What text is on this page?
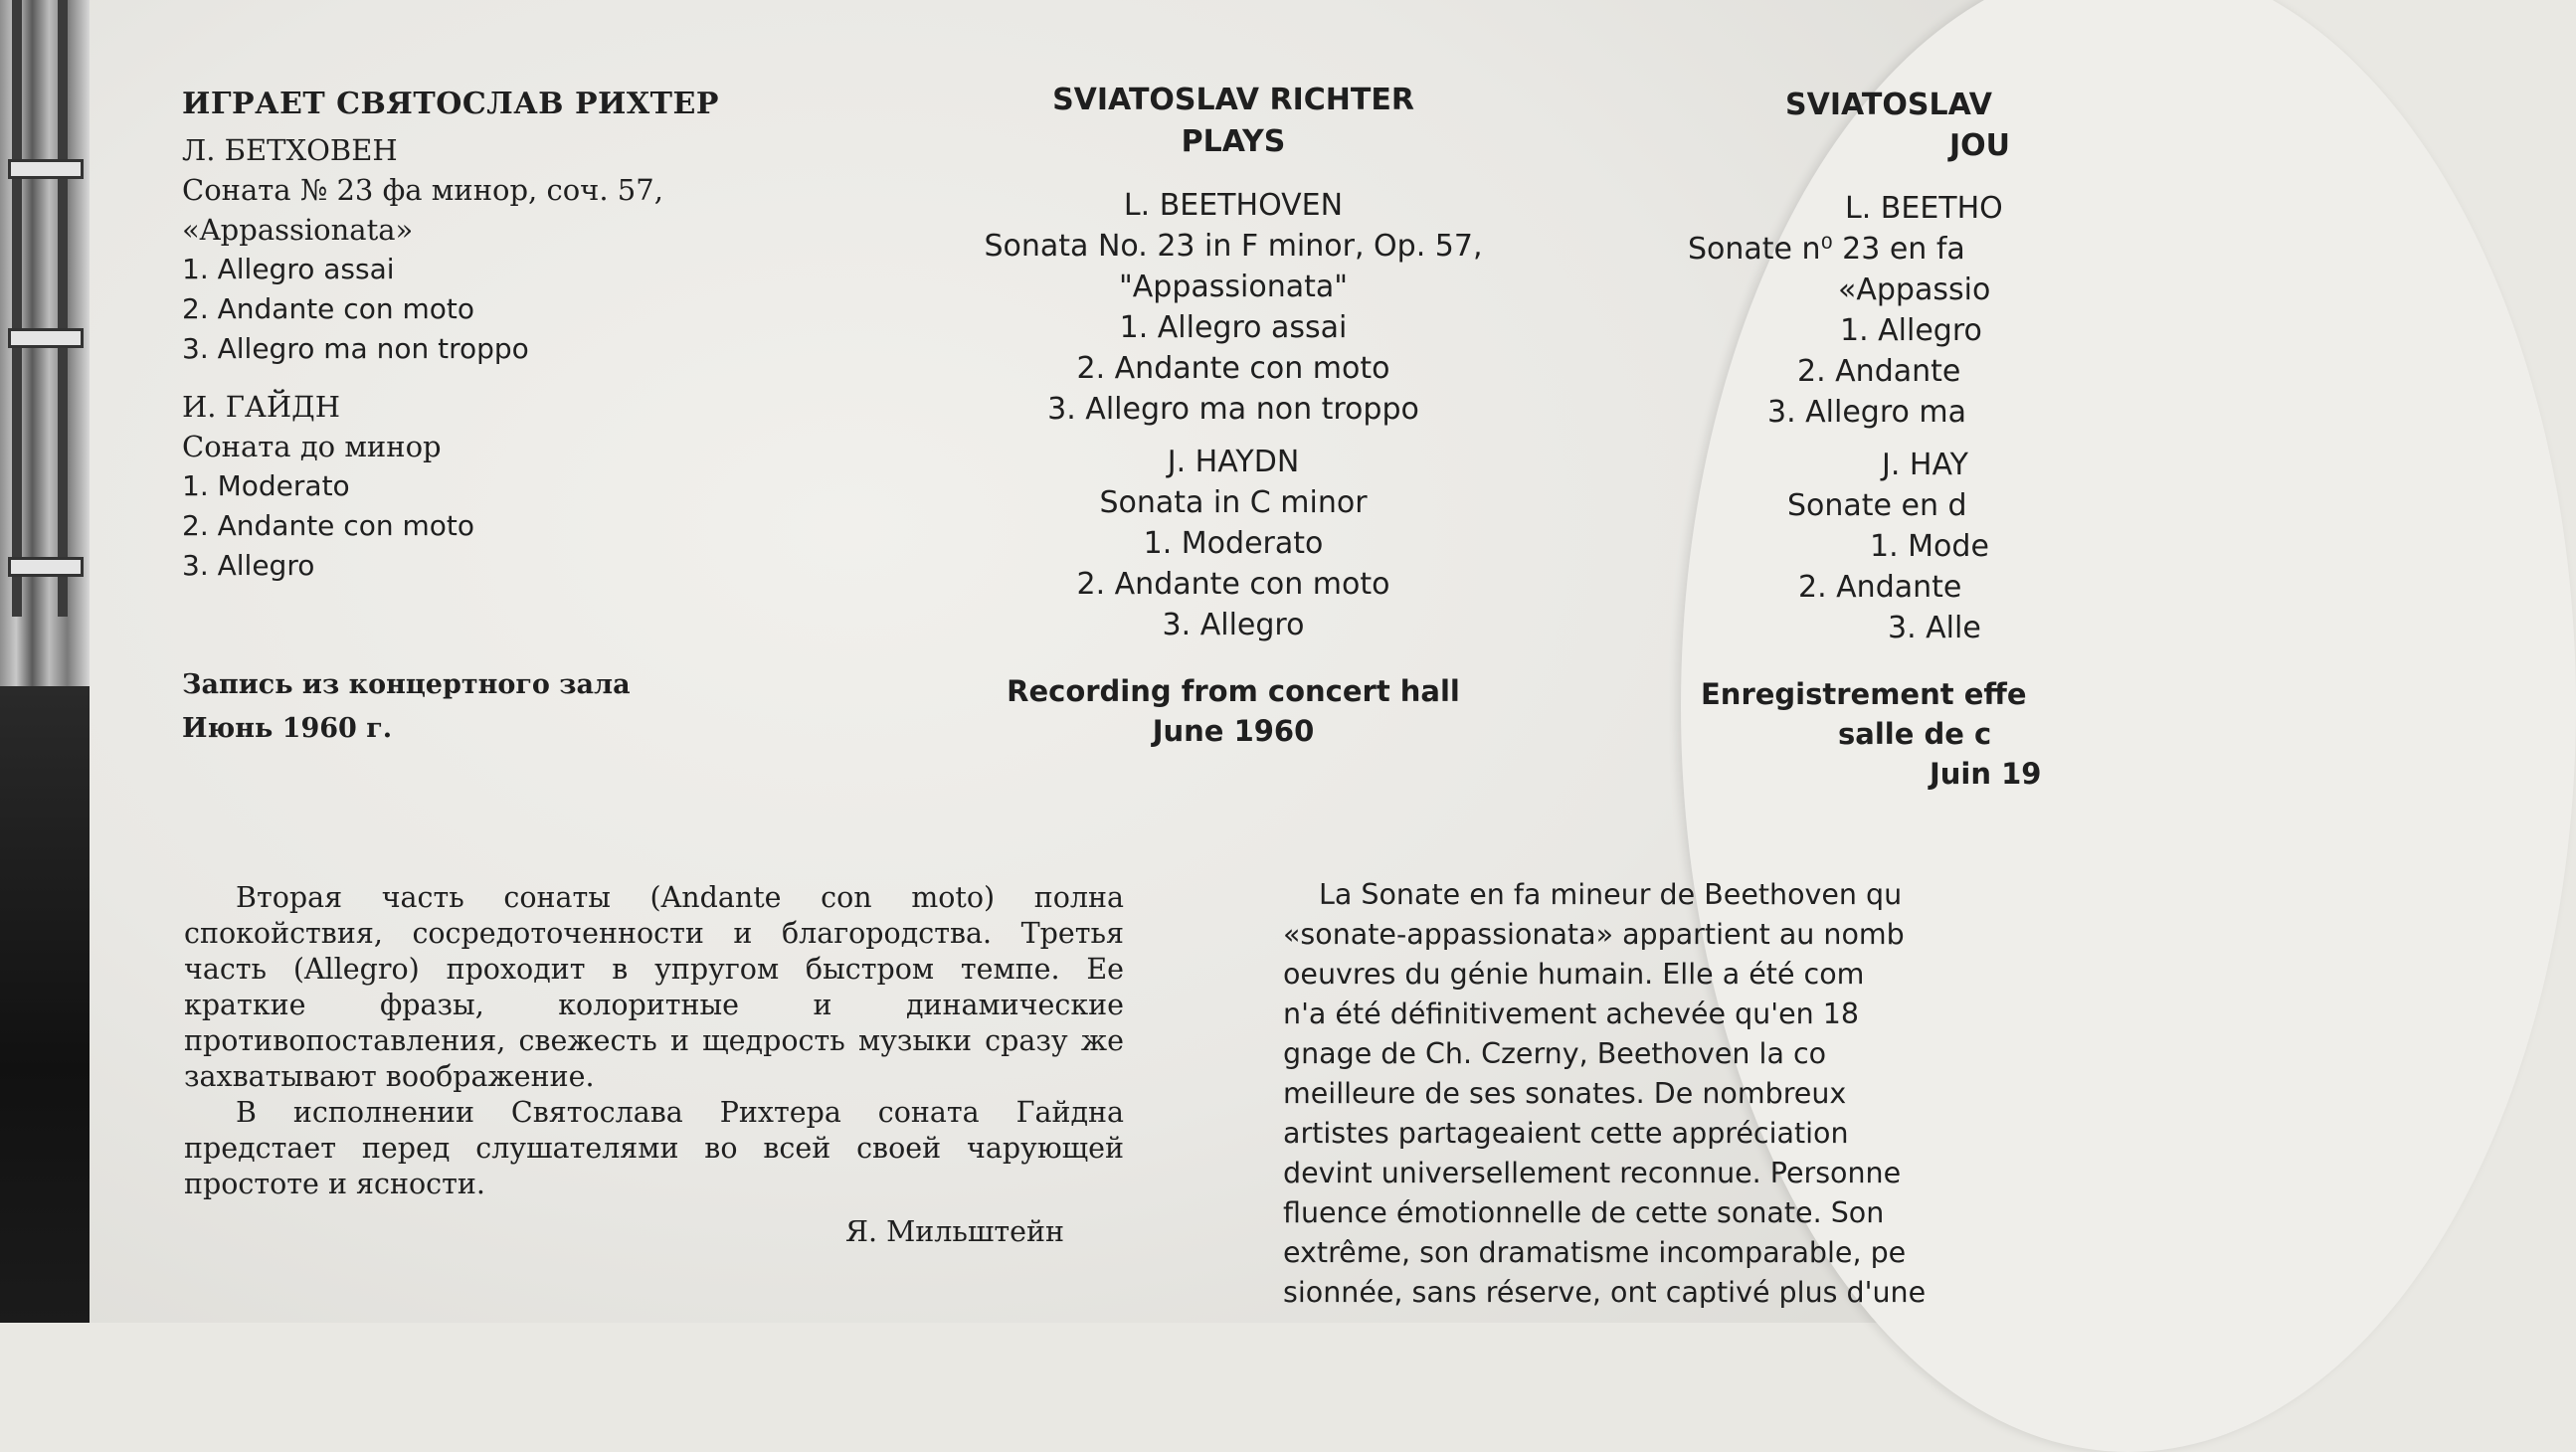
ИГРАЕТ СВЯТОСЛАВ РИХТЕР

Л. БЕТХОВЕН

Соната № 23 фа минор, соч. 57,

«Appassionata»

1. Allegro assai

2. Andante con moto

3. Allegro ma non troppo

И. ГАЙДН

Соната до минор

1. Moderato

2. Andante con moto

3. Allegro

Запись из концертного зала

Июнь 1960 г.

SVIATOSLAV RICHTER

PLAYS

L. BEETHOVEN

Sonata No. 23 in F minor, Op. 57,

"Appassionata"

1. Allegro assai

2. Andante con moto

3. Allegro ma non troppo

J. HAYDN

Sonata in C minor

1. Moderato

2. Andante con moto

3. Allegro

Recording from concert hall

June 1960

SVIATOSLAV

JOU

L. BEETHO

Sonate n⁰ 23 en fa

«Appassio

1. Allegro

2. Andante

3. Allegro ma

J. HAY

Sonate en d

1. Mode

2. Andante

3. Alle

Enregistrement effe

salle de c

Juin 19

Вторая часть сонаты (Andante con moto) полна спокойствия, сосредоточенности и благородства. Третья часть (Allegro) проходит в упругом быстром темпе. Ее краткие фразы, колоритные и динамические противопоставления, свежесть и щедрость музыки сразу же захватывают воображение.

В исполнении Святослава Рихтера соната Гайдна предстает перед слушателями во всей своей чарующей простоте и ясности.

Я. Мильштейн

La Sonate en fa mineur de Beethoven qu

«sonate-appassionata» appartient au nomb

oeuvres du génie humain. Elle a été com

n'a été définitivement achevée qu'en 18

gnage de Ch. Czerny, Beethoven la co

meilleure de ses sonates. De nombreux

artistes partageaient cette appréciation

devint universellement reconnue. Personne

fluence émotionnelle de cette sonate. Son

extrême, son dramatisme incomparable, pe

sionnée, sans réserve, ont captivé plus d'une
